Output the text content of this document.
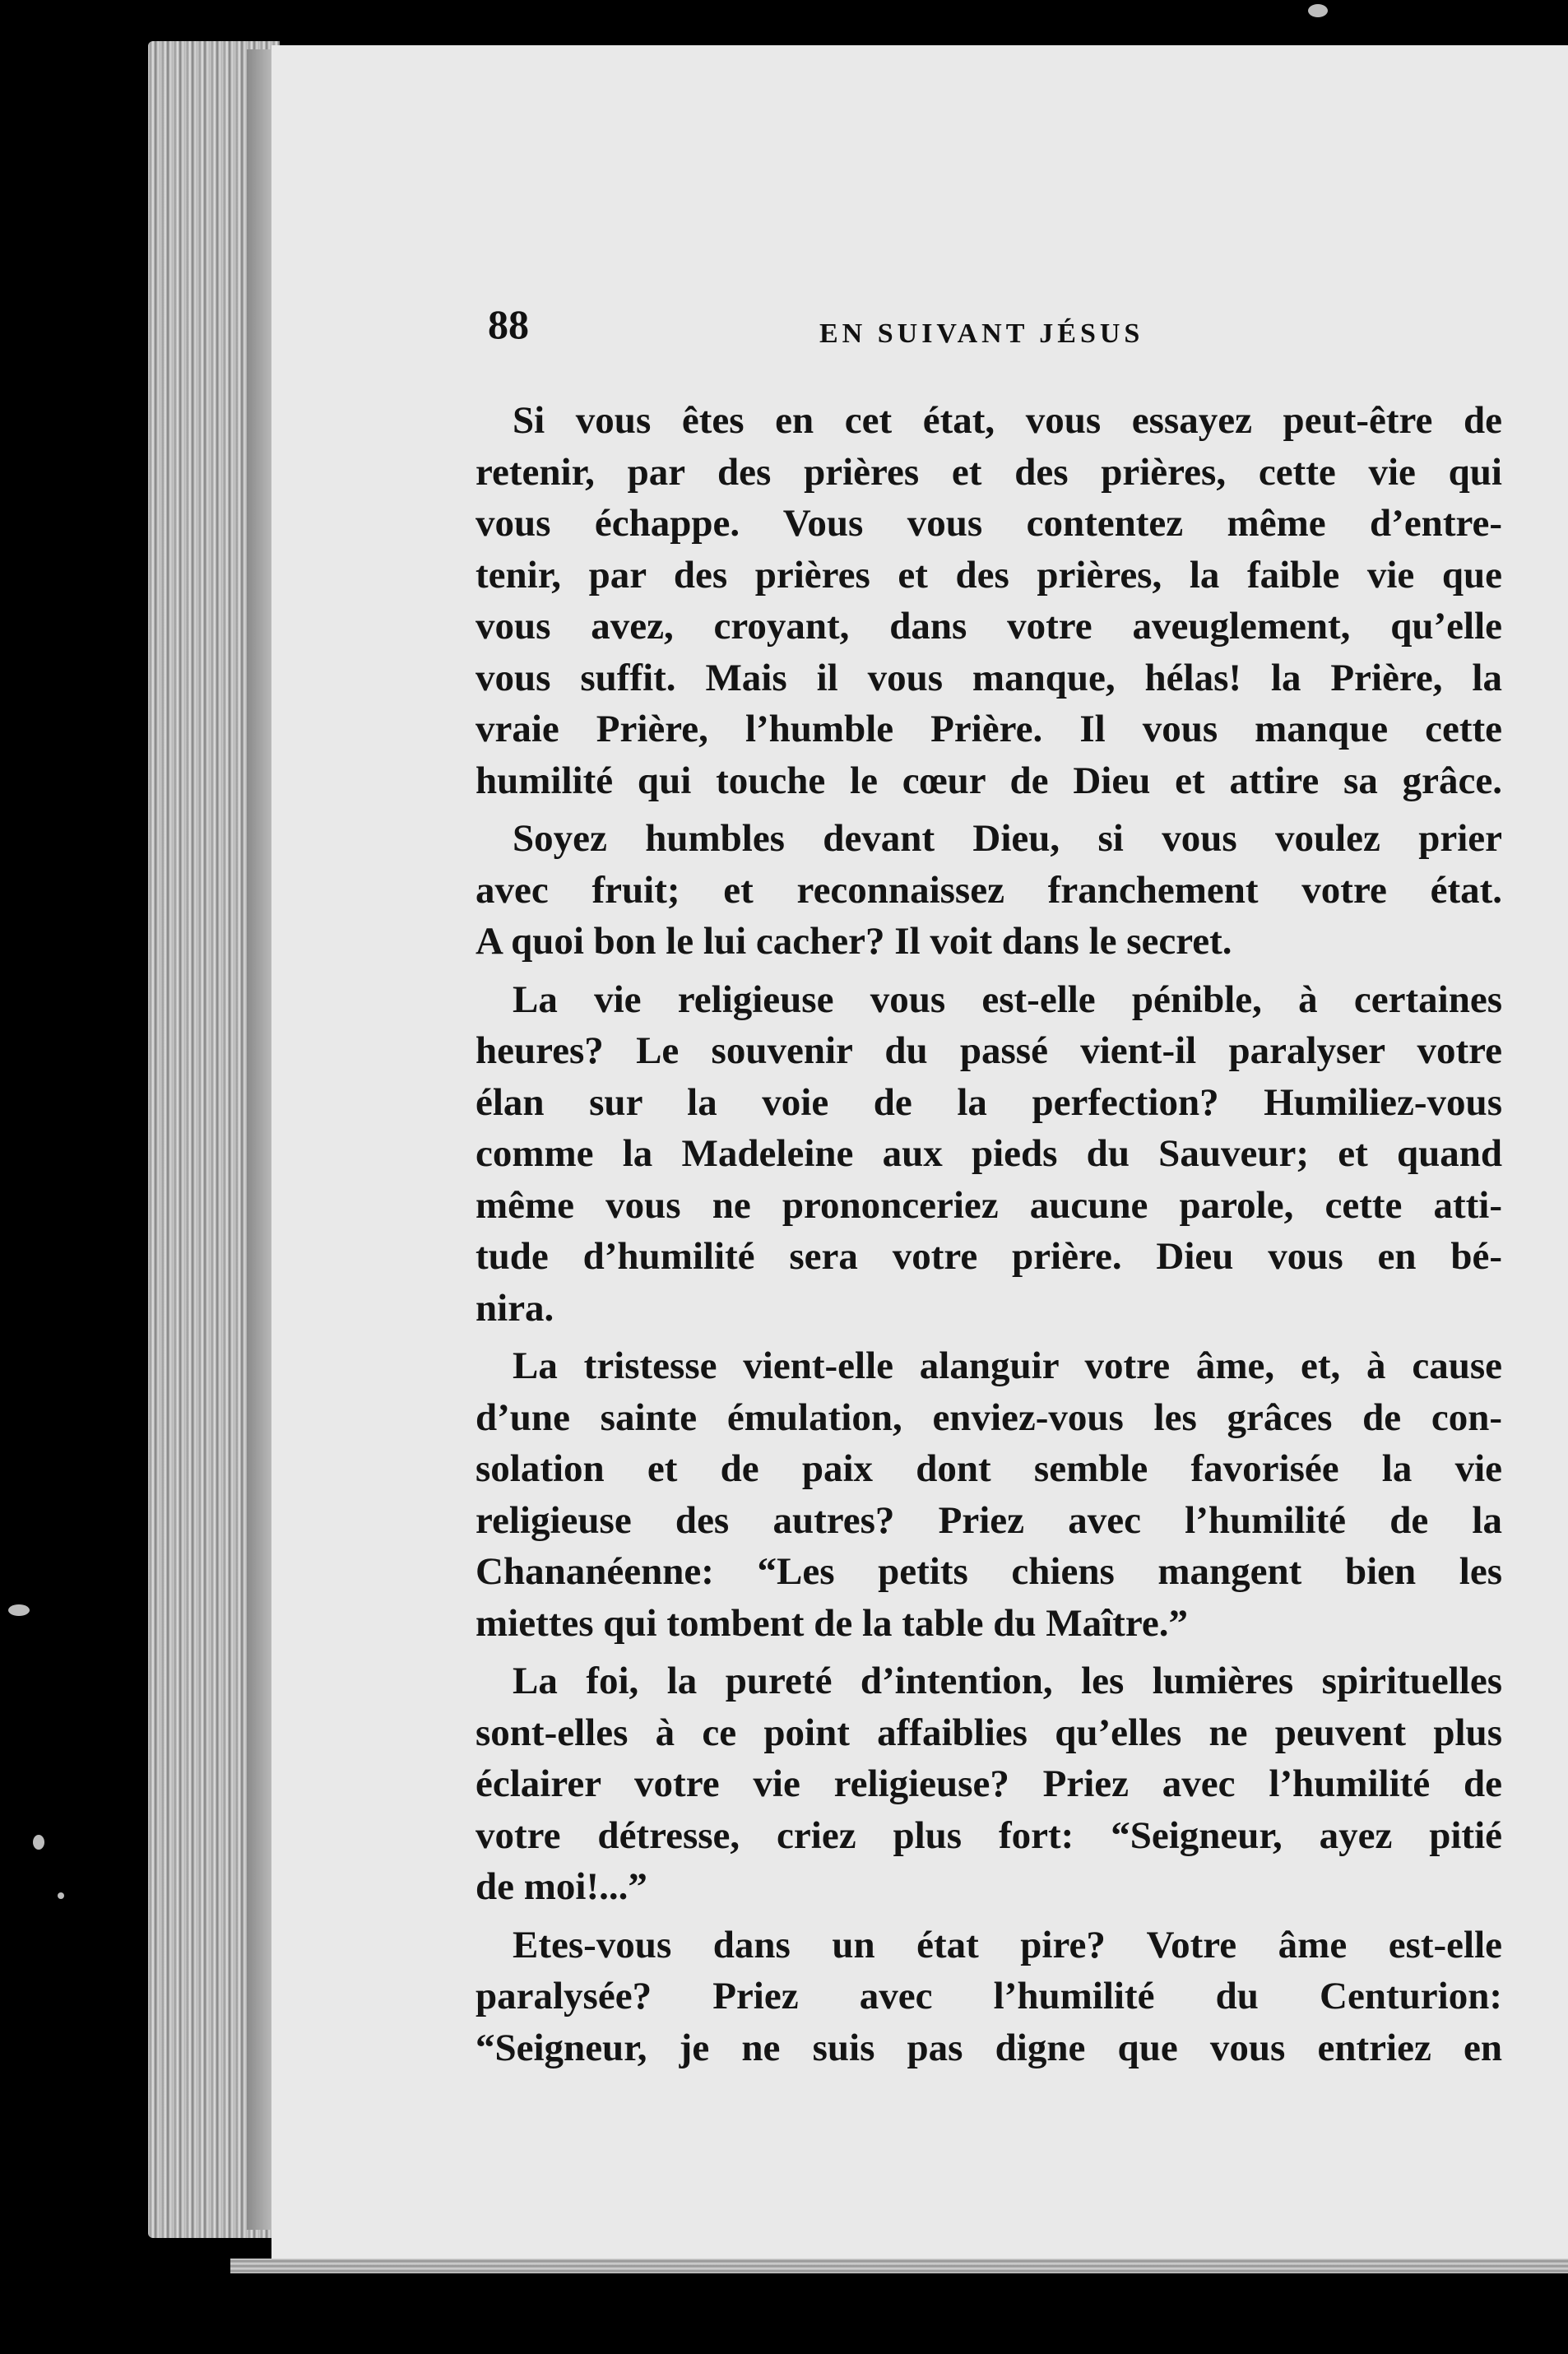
88	EN SUIVANT JÉSUS
Si vous êtes en cet état, vous essayez peut-être de
retenir, par des prières et des prières, cette vie qui
vous échappe. Vous vous contentez même d’entre-
tenir, par des prières et des prières, la faible vie que
vous avez, croyant, dans votre aveuglement, qu’elle
vous suffit. Mais il vous manque, hélas! la Prière, la
vraie Prière, l’humble Prière. Il vous manque cette
humilité qui touche le cœur de Dieu et attire sa grâce.
Soyez humbles devant Dieu, si vous voulez prier
avec fruit; et reconnaissez franchement votre état.
A quoi bon le lui cacher? Il voit dans le secret.
La vie religieuse vous est-elle pénible, à certaines
heures? Le souvenir du passé vient-il paralyser votre
élan sur la voie de la perfection? Humiliez-vous
comme la Madeleine aux pieds du Sauveur; et quand
même vous ne prononceriez aucune parole, cette atti-
tude d’humilité sera votre prière. Dieu vous en bé-
nira.
La tristesse vient-elle alanguir votre âme, et, à cause
d’une sainte émulation, enviez-vous les grâces de con-
solation et de paix dont semble favorisée la vie
religieuse des autres? Priez avec l’humilité de la
Chananéenne: “Les petits chiens mangent bien les
miettes qui tombent de la table du Maître.”
La foi, la pureté d’intention, les lumières spirituelles
sont-elles à ce point affaiblies qu’elles ne peuvent plus
éclairer votre vie religieuse? Priez avec l’humilité de
votre détresse, criez plus fort: “Seigneur, ayez pitié
de moi!...”
Etes-vous dans un état pire? Votre âme est-elle
paralysée? Priez avec l’humilité du Centurion:
“Seigneur, je ne suis pas digne que vous entriez en
